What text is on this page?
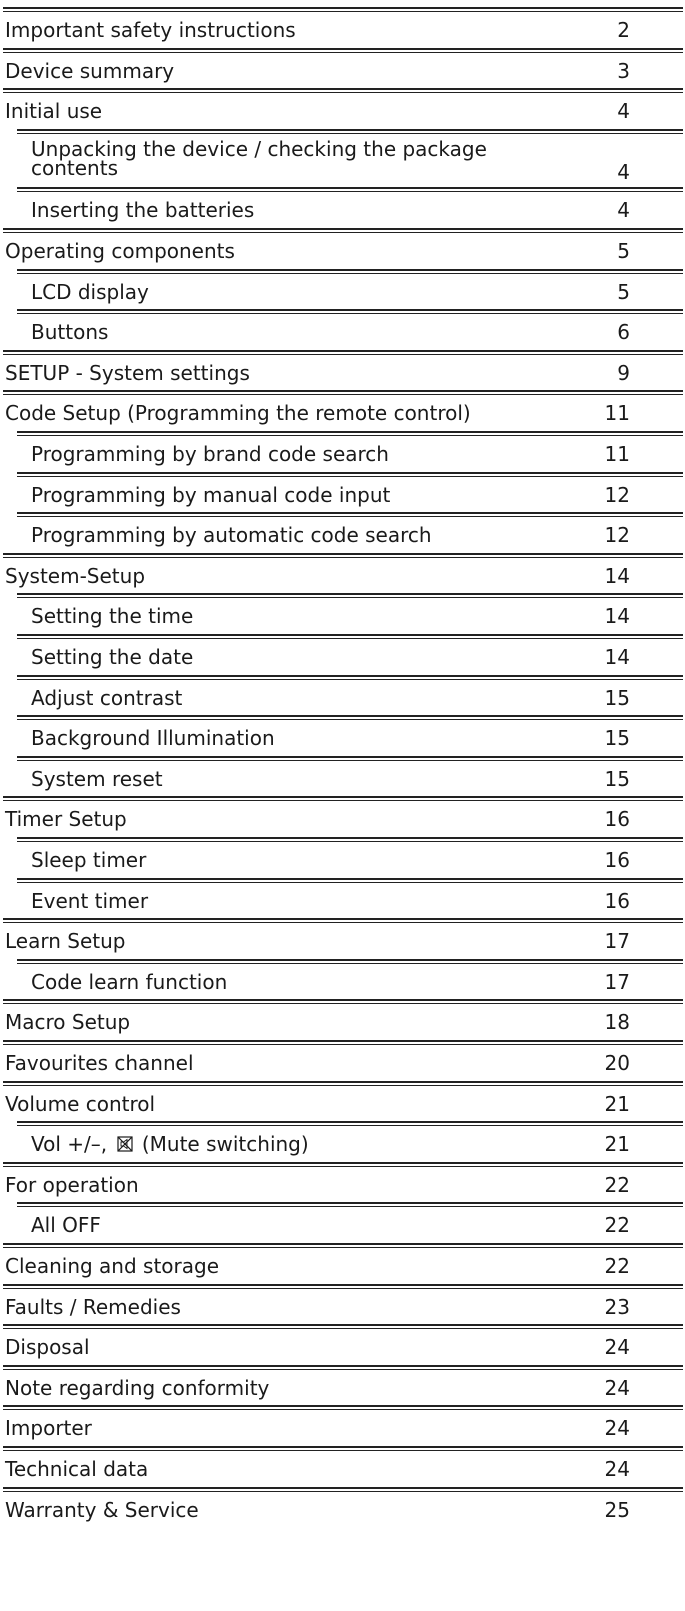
Important safety instructions	2
Device summary	3
Initial use	4
Unpacking the device / checking the package contents	4
Inserting the batteries	4
Operating components	5
LCD display	5
Buttons	6
SETUP - System settings	9
Code Setup (Programming the remote control)	11
Programming by brand code search	11
Programming by manual code input	12
Programming by automatic code search	12
System-Setup	14
Setting the time	14
Setting the date	14
Adjust contrast	15
Background Illumination	15
System reset	15
Timer Setup	16
Sleep timer	16
Event timer	16
Learn Setup	17
Code learn function	17
Macro Setup	18
Favourites channel	20
Volume control	21
Vol +/–,  (Mute switching)	21
For operation	22
All OFF	22
Cleaning and storage	22
Faults / Remedies	23
Disposal	24
Note regarding conformity	24
Importer	24
Technical data	24
Warranty & Service	25
